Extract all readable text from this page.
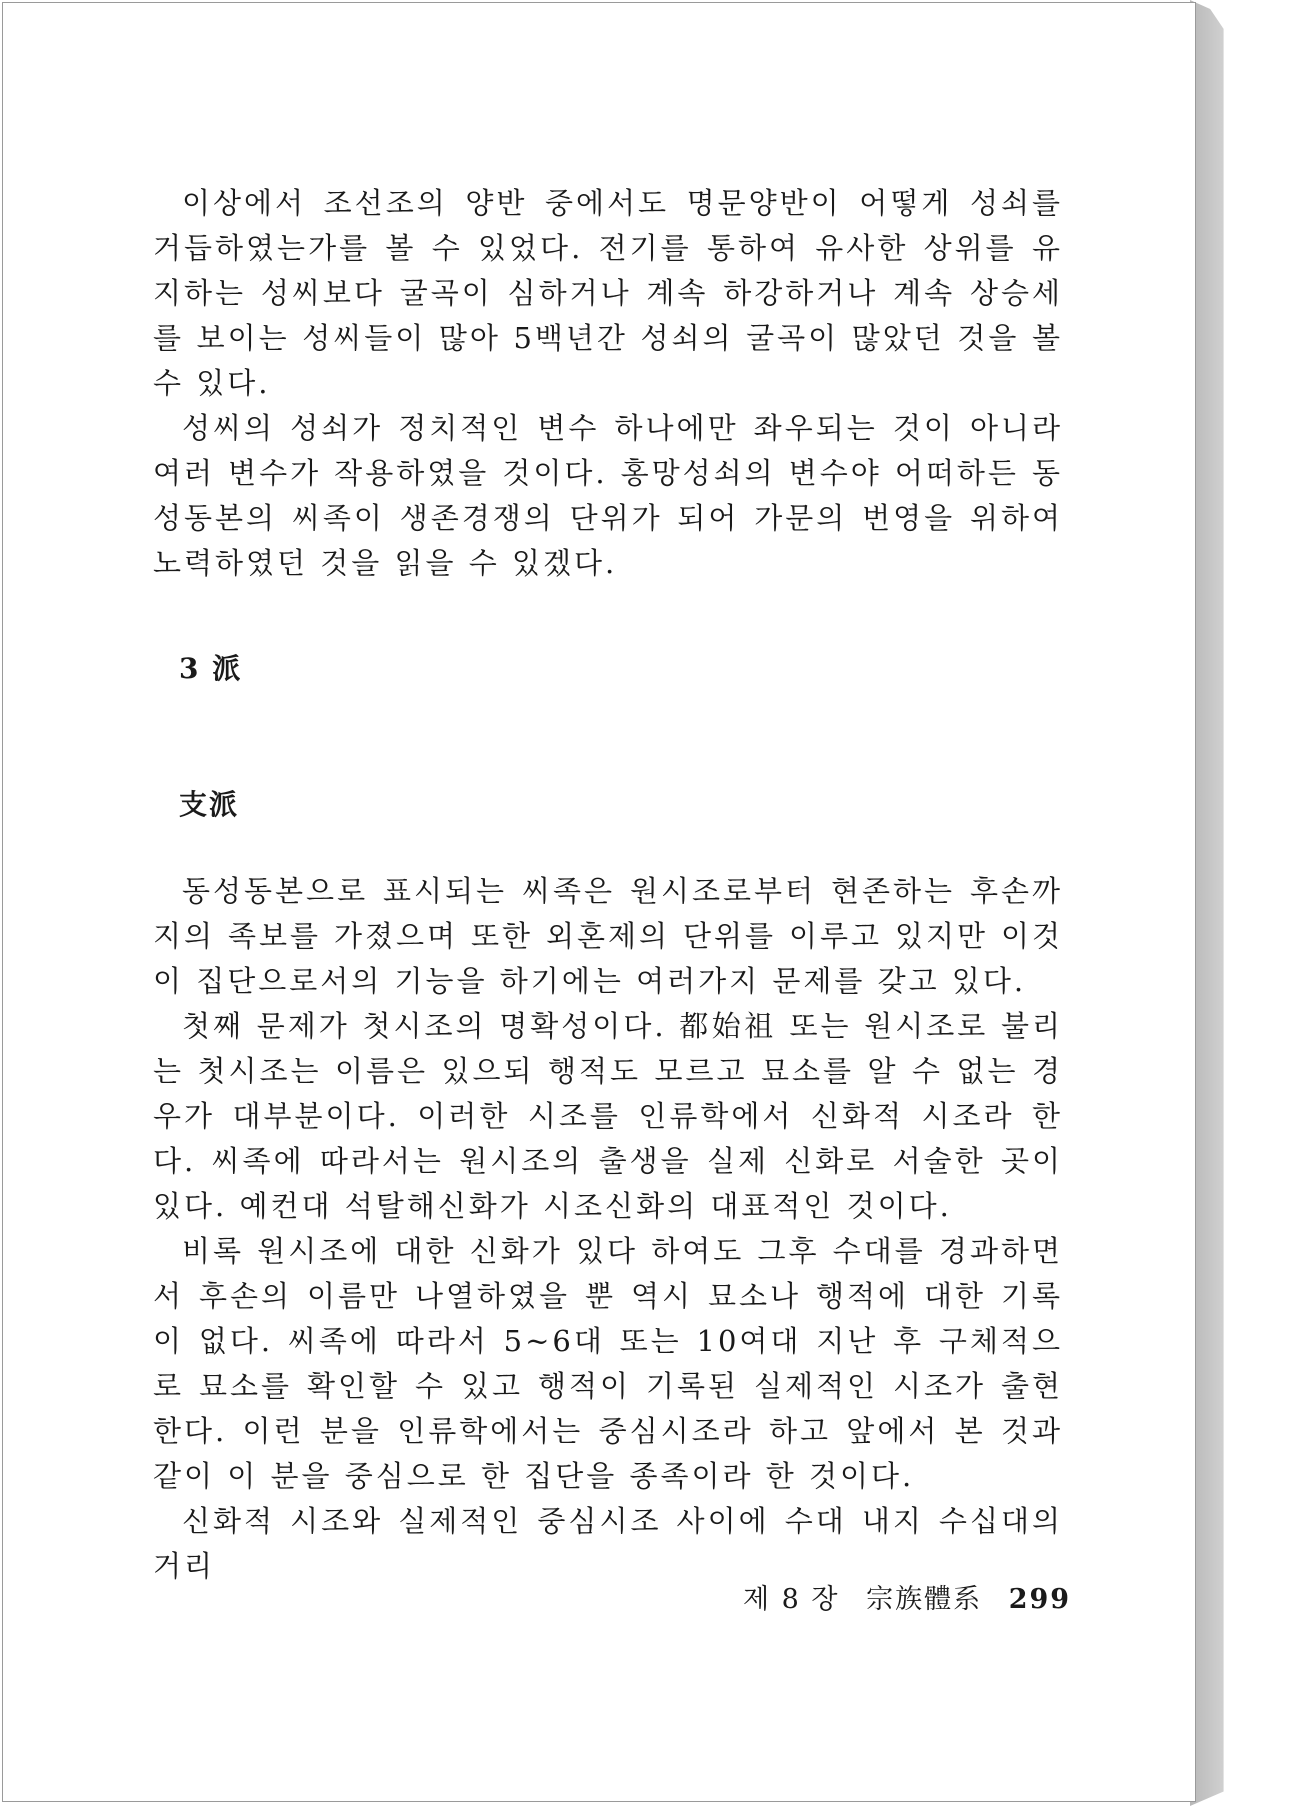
이상에서 조선조의 양반 중에서도 명문양반이 어떻게 성쇠를 거듭하였는가를 볼 수 있었다. 전기를 통하여 유사한 상위를 유지하는 성씨보다 굴곡이 심하거나 계속 하강하거나 계속 상승세를 보이는 성씨들이 많아 5백년간 성쇠의 굴곡이 많았던 것을 볼 수 있다.

성씨의 성쇠가 정치적인 변수 하나에만 좌우되는 것이 아니라 여러 변수가 작용하였을 것이다. 홍망성쇠의 변수야 어떠하든 동성동본의 씨족이 생존경쟁의 단위가 되어 가문의 번영을 위하여 노력하였던 것을 읽을 수 있겠다.

3 派
支派

동성동본으로 표시되는 씨족은 원시조로부터 현존하는 후손까지의 족보를 가졌으며 또한 외혼제의 단위를 이루고 있지만 이것이 집단으로서의 기능을 하기에는 여러가지 문제를 갖고 있다.

첫째 문제가 첫시조의 명확성이다. 都始祖 또는 원시조로 불리는 첫시조는 이름은 있으되 행적도 모르고 묘소를 알 수 없는 경우가 대부분이다. 이러한 시조를 인류학에서 신화적 시조라 한다. 씨족에 따라서는 원시조의 출생을 실제 신화로 서술한 곳이 있다. 예컨대 석탈해신화가 시조신화의 대표적인 것이다.

비록 원시조에 대한 신화가 있다 하여도 그후 수대를 경과하면서 후손의 이름만 나열하였을 뿐 역시 묘소나 행적에 대한 기록이 없다. 씨족에 따라서 5~6대 또는 10여대 지난 후 구체적으로 묘소를 확인할 수 있고 행적이 기록된 실제적인 시조가 출현한다. 이런 분을 인류학에서는 중심시조라 하고 앞에서 본 것과 같이 이 분을 중심으로 한 집단을 종족이라 한 것이다.

신화적 시조와 실제적인 중심시조 사이에 수대 내지 수십대의 거리

제 8 장 宗族體系 299
